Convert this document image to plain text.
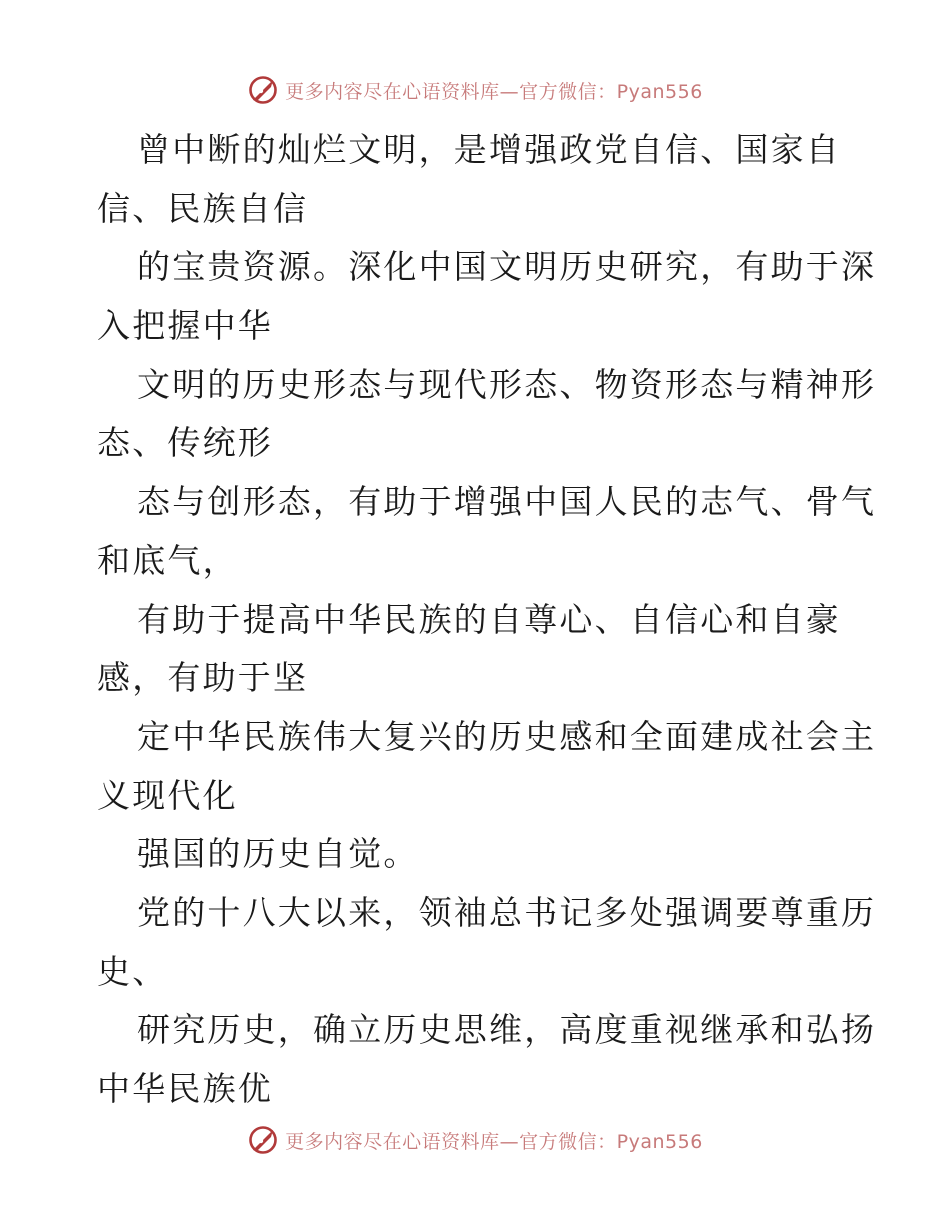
更多内容尽在心语资料库—官方微信：Pyan556
曾中断的灿烂文明，是增强政党自信、国家自
信、民族自信
的宝贵资源。深化中国文明历史研究，有助于深
入把握中华
文明的历史形态与现代形态、物资形态与精神形
态、传统形
态与创形态，有助于增强中国人民的志气、骨气
和底气，
有助于提高中华民族的自尊心、自信心和自豪
感，有助于坚
定中华民族伟大复兴的历史感和全面建成社会主
义现代化
强国的历史自觉。
党的十八大以来，领袖总书记多处强调要尊重历
史、
研究历史，确立历史思维，高度重视继承和弘扬
中华民族优
更多内容尽在心语资料库—官方微信：Pyan556
